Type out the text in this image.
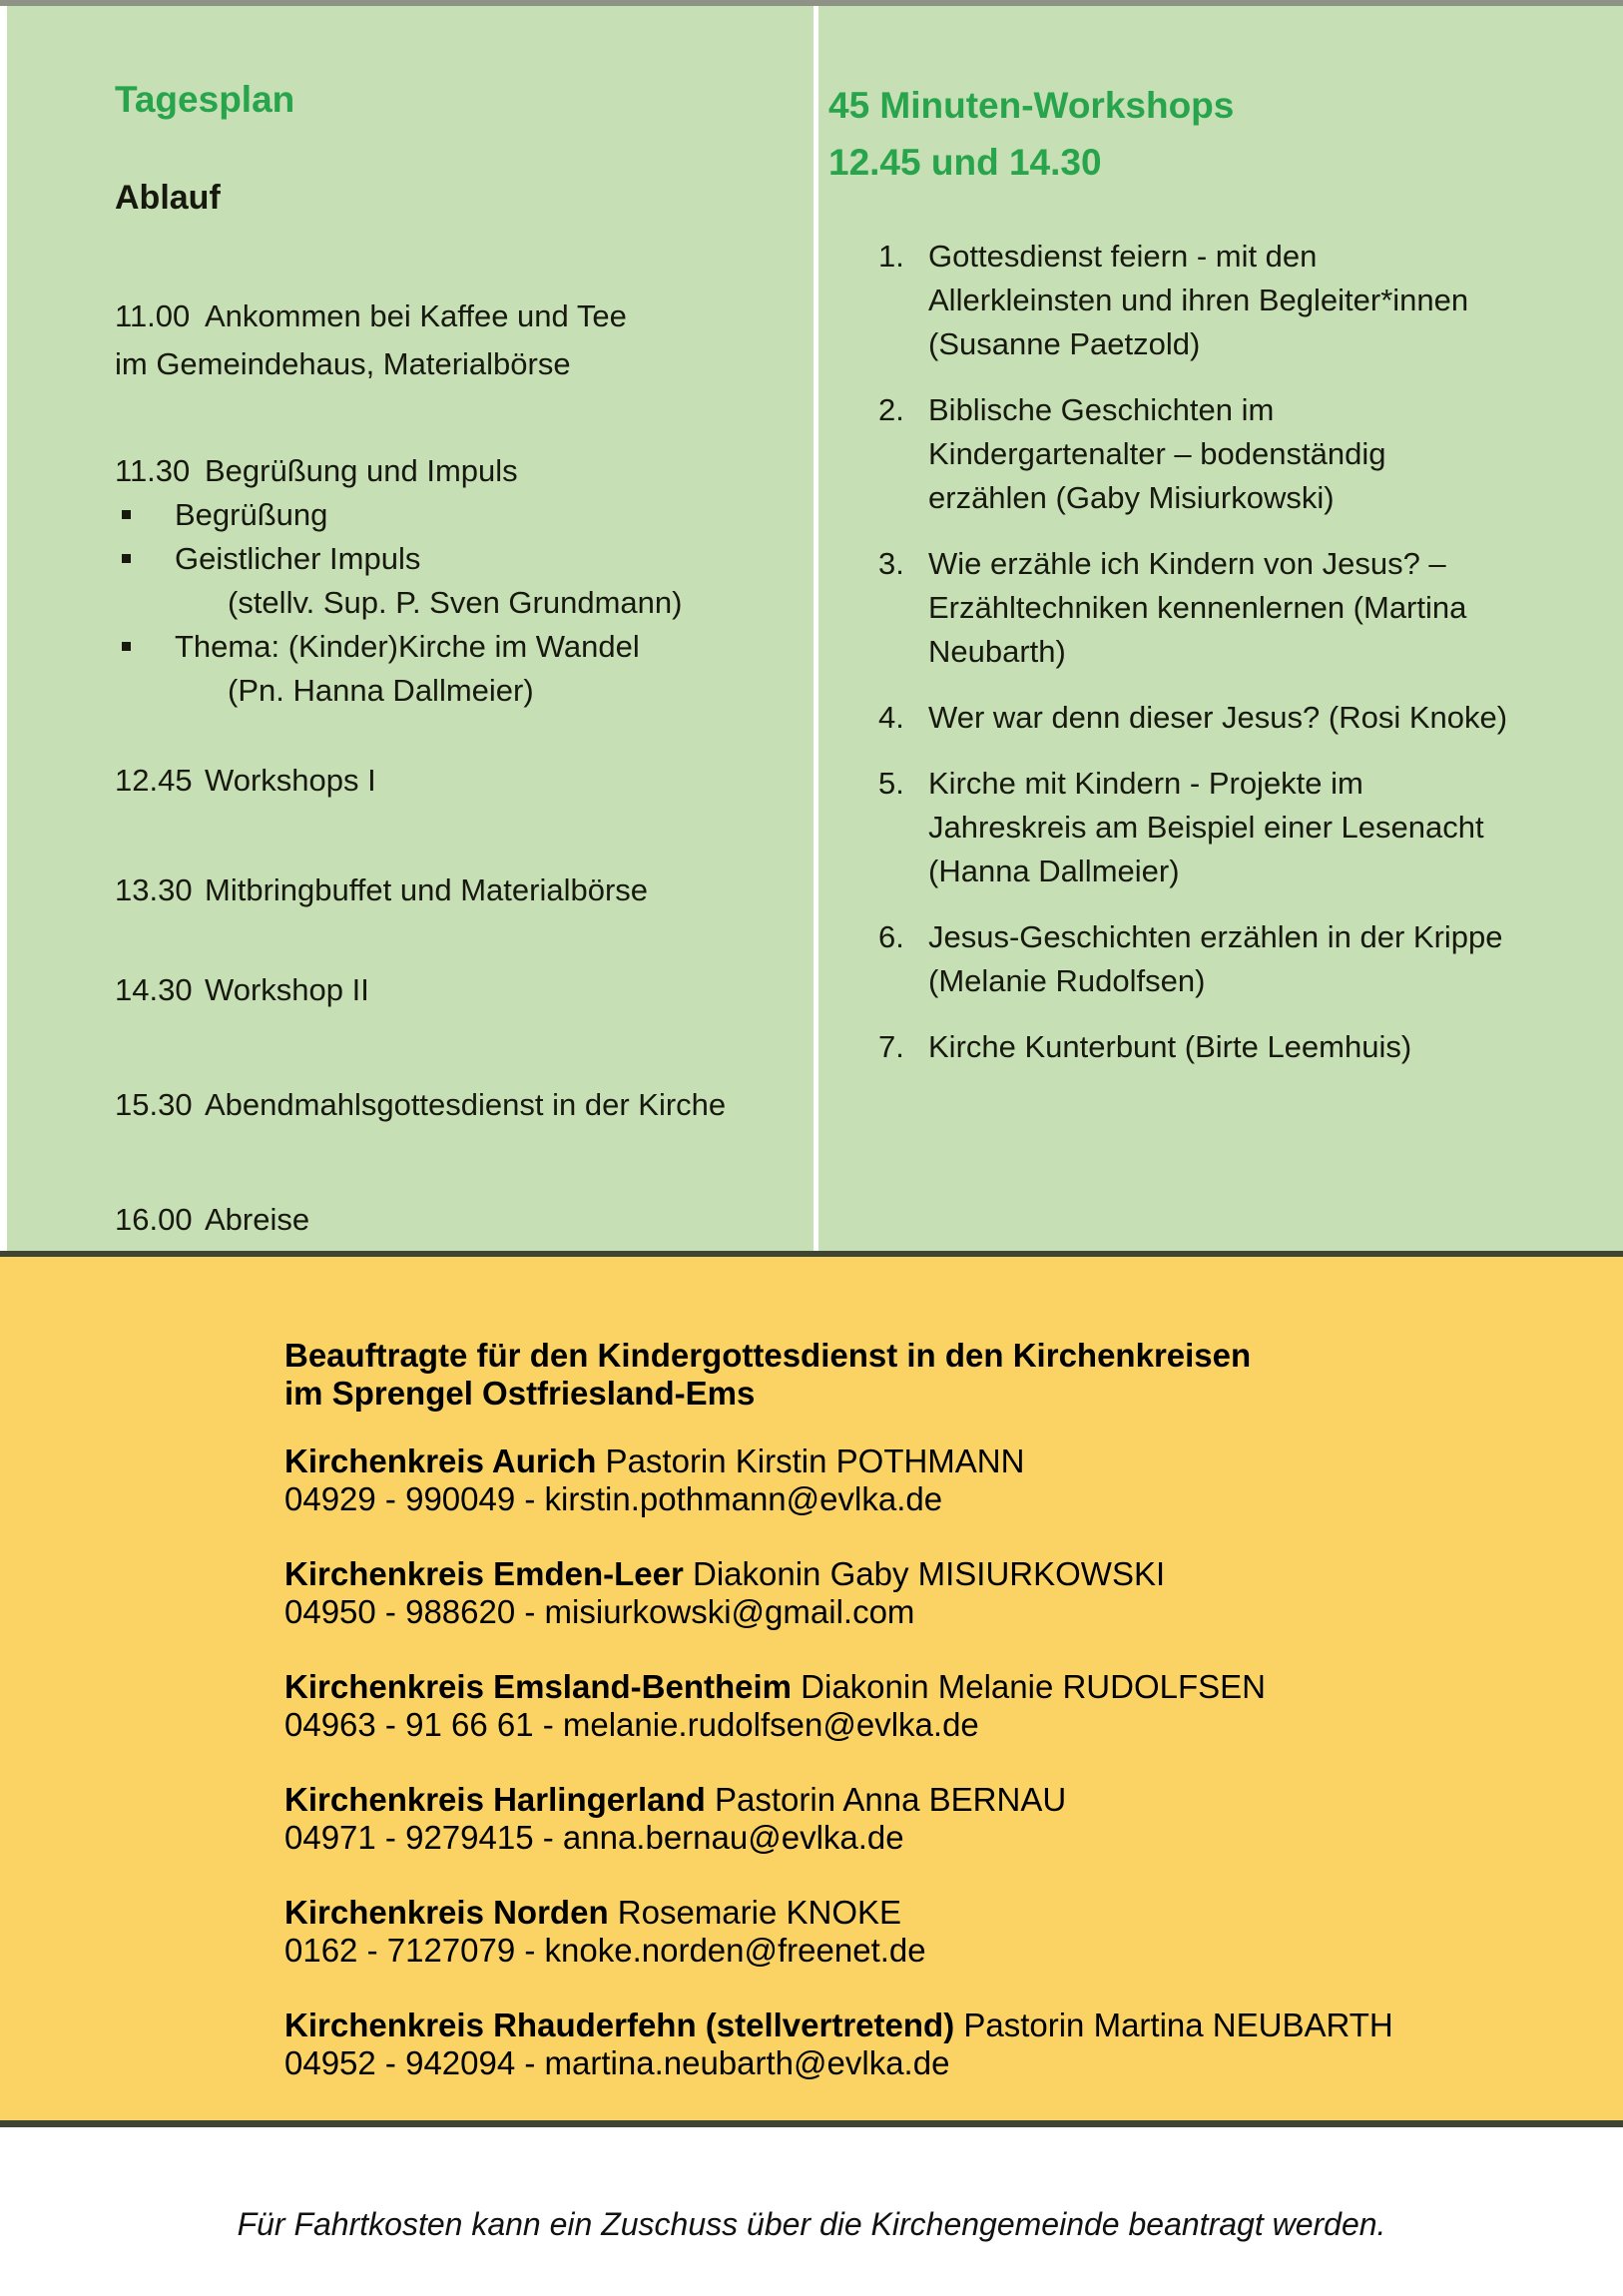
Tagesplan
Ablauf
11.00 Ankommen bei Kaffee und Tee
im Gemeindehaus, Materialbörse
11.30 Begrüßung und Impuls
Begrüßung
Geistlicher Impuls
(stellv. Sup. P. Sven Grundmann)
Thema: (Kinder)Kirche im Wandel
(Pn. Hanna Dallmeier)
12.45 Workshops I
13.30 Mitbringbuffet und Materialbörse
14.30 Workshop II
15.30 Abendmahlsgottesdienst in der Kirche
16.00 Abreise
45 Minuten-Workshops
12.45 und 14.30
1. Gottesdienst feiern - mit den
Allerkleinsten und ihren Begleiter*innen
(Susanne Paetzold)
2. Biblische Geschichten im
Kindergartenalter – bodenständig
erzählen (Gaby Misiurkowski)
3. Wie erzähle ich Kindern von Jesus? –
Erzähltechniken kennenlernen (Martina
Neubarth)
4. Wer war denn dieser Jesus? (Rosi Knoke)
5. Kirche mit Kindern - Projekte im
Jahreskreis am Beispiel einer Lesenacht
(Hanna Dallmeier)
6. Jesus-Geschichten erzählen in der Krippe
(Melanie Rudolfsen)
7. Kirche Kunterbunt (Birte Leemhuis)
Beauftragte für den Kindergottesdienst in den Kirchenkreisen
im Sprengel Ostfriesland-Ems
Kirchenkreis Aurich Pastorin Kirstin POTHMANN
04929 - 990049 - kirstin.pothmann@evlka.de
Kirchenkreis Emden-Leer Diakonin Gaby MISIURKOWSKI
04950 - 988620 - misiurkowski@gmail.com
Kirchenkreis Emsland-Bentheim Diakonin Melanie RUDOLFSEN
04963 - 91 66 61 - melanie.rudolfsen@evlka.de
Kirchenkreis Harlingerland Pastorin Anna BERNAU
04971 - 9279415 - anna.bernau@evlka.de
Kirchenkreis Norden Rosemarie KNOKE
0162 - 7127079 - knoke.norden@freenet.de
Kirchenkreis Rhauderfehn (stellvertretend) Pastorin Martina NEUBARTH
04952 - 942094 - martina.neubarth@evlka.de
Für Fahrtkosten kann ein Zuschuss über die Kirchengemeinde beantragt werden.
